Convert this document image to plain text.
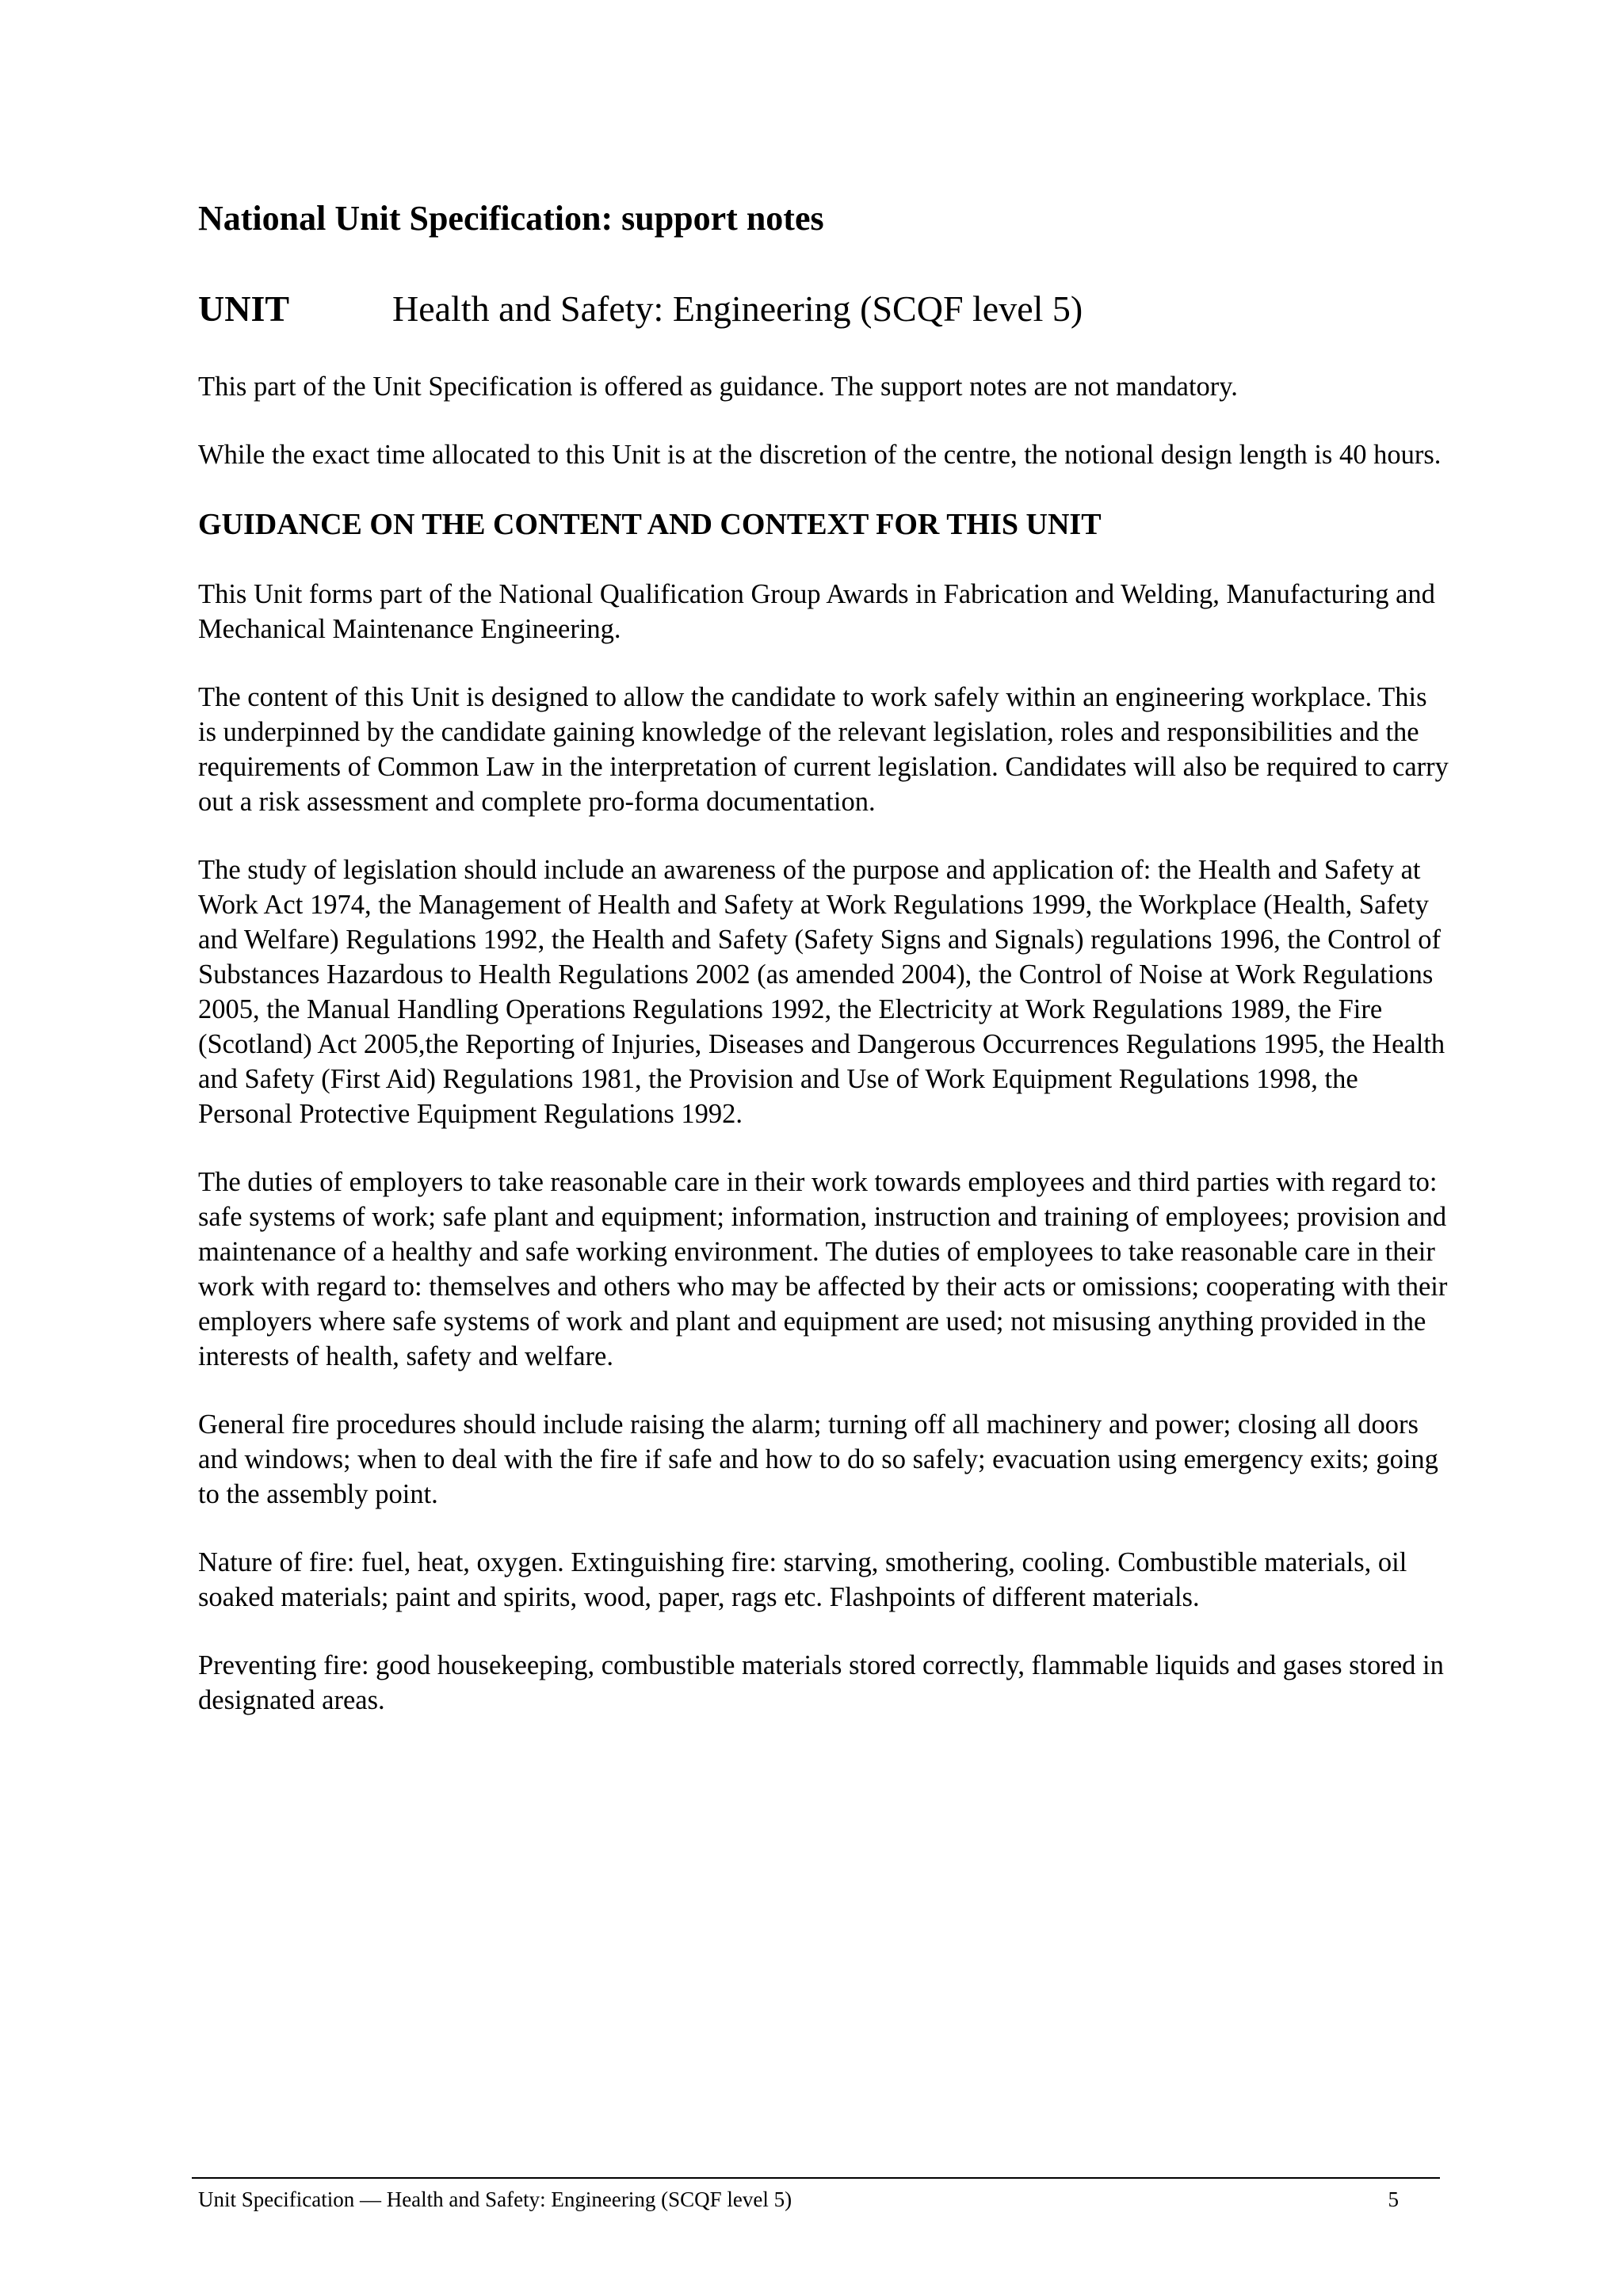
National Unit Specification: support notes
UNIT	Health and Safety: Engineering (SCQF level 5)

This part of the Unit Specification is offered as guidance. The support notes are not mandatory.

While the exact time allocated to this Unit is at the discretion of the centre, the notional design length is 40 hours.

GUIDANCE ON THE CONTENT AND CONTEXT FOR THIS UNIT

This Unit forms part of the National Qualification Group Awards in Fabrication and Welding, Manufacturing and Mechanical Maintenance Engineering.

The content of this Unit is designed to allow the candidate to work safely within an engineering workplace. This is underpinned by the candidate gaining knowledge of the relevant legislation, roles and responsibilities and the requirements of Common Law in the interpretation of current legislation. Candidates will also be required to carry out a risk assessment and complete pro-forma documentation.

The study of legislation should include an awareness of the purpose and application of: the Health and Safety at Work Act 1974, the Management of Health and Safety at Work Regulations 1999, the Workplace (Health, Safety and Welfare) Regulations 1992, the Health and Safety (Safety Signs and Signals) regulations 1996, the Control of Substances Hazardous to Health Regulations 2002 (as amended 2004), the Control of Noise at Work Regulations 2005, the Manual Handling Operations Regulations 1992, the Electricity at Work Regulations 1989, the Fire (Scotland) Act 2005,the Reporting of Injuries, Diseases and Dangerous Occurrences Regulations 1995, the Health and Safety (First Aid) Regulations 1981, the Provision and Use of Work Equipment Regulations 1998, the Personal Protective Equipment Regulations 1992.

The duties of employers to take reasonable care in their work towards employees and third parties with regard to: safe systems of work; safe plant and equipment; information, instruction and training of employees; provision and maintenance of a healthy and safe working environment. The duties of employees to take reasonable care in their work with regard to: themselves and others who may be affected by their acts or omissions; cooperating with their employers where safe systems of work and plant and equipment are used; not misusing anything provided in the interests of health, safety and welfare.

General fire procedures should include raising the alarm; turning off all machinery and power; closing all doors and windows; when to deal with the fire if safe and how to do so safely; evacuation using emergency exits; going to the assembly point.

Nature of fire: fuel, heat, oxygen. Extinguishing fire: starving, smothering, cooling. Combustible materials, oil soaked materials; paint and spirits, wood, paper, rags etc. Flashpoints of different materials.

Preventing fire: good housekeeping, combustible materials stored correctly, flammable liquids and gases stored in designated areas.

Unit Specification — Health and Safety: Engineering (SCQF level 5)	5
